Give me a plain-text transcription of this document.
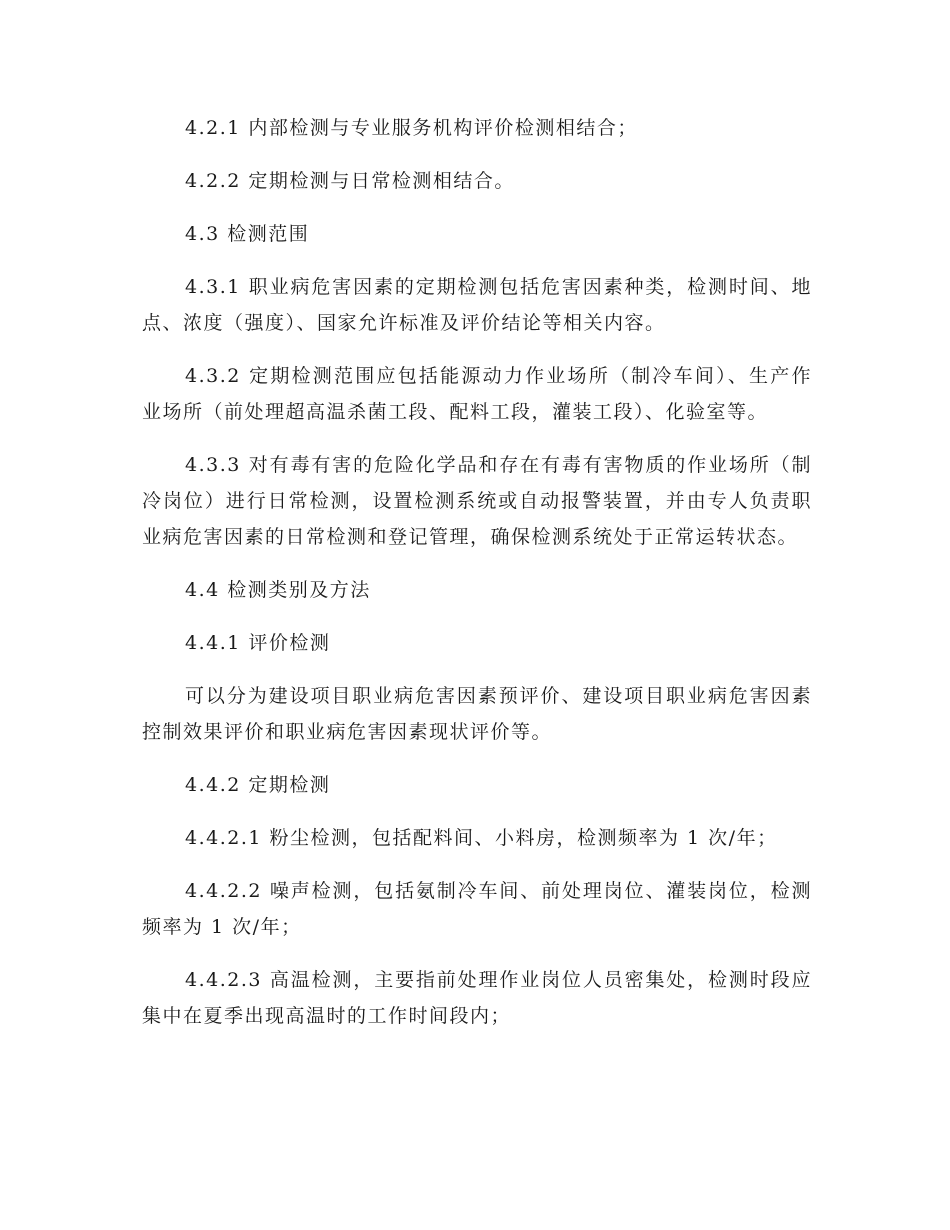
4.2.1 内部检测与专业服务机构评价检测相结合；

4.2.2 定期检测与日常检测相结合。

4.3 检测范围

4.3.1 职业病危害因素的定期检测包括危害因素种类，检测时间、地点、浓度（强度）、国家允许标准及评价结论等相关内容。

4.3.2 定期检测范围应包括能源动力作业场所（制冷车间）、生产作业场所（前处理超高温杀菌工段、配料工段，灌装工段）、化验室等。

4.3.3 对有毒有害的危险化学品和存在有毒有害物质的作业场所（制冷岗位）进行日常检测，设置检测系统或自动报警装置，并由专人负责职业病危害因素的日常检测和登记管理，确保检测系统处于正常运转状态。

4.4 检测类别及方法

4.4.1 评价检测

可以分为建设项目职业病危害因素预评价、建设项目职业病危害因素控制效果评价和职业病危害因素现状评价等。

4.4.2 定期检测

4.4.2.1 粉尘检测，包括配料间、小料房，检测频率为 1 次/年；

4.4.2.2 噪声检测，包括氨制冷车间、前处理岗位、灌装岗位，检测频率为 1 次/年；

4.4.2.3 高温检测，主要指前处理作业岗位人员密集处，检测时段应集中在夏季出现高温时的工作时间段内；
